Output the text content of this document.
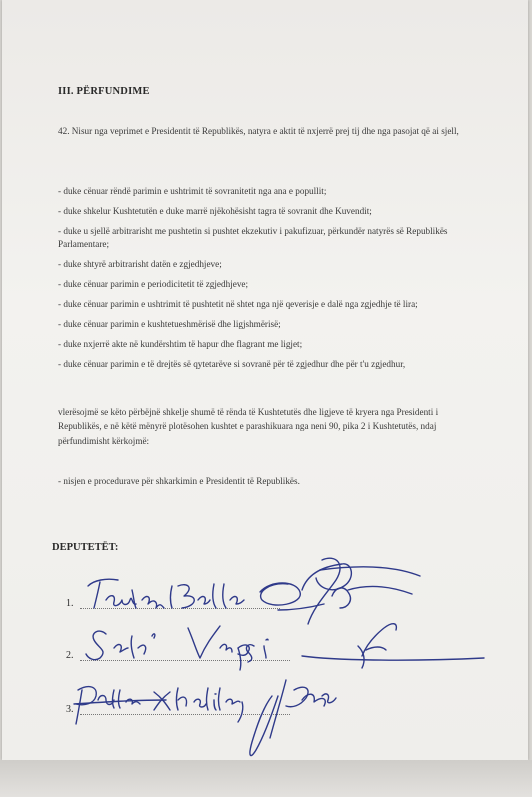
III. PËRFUNDIME
42. Nisur nga veprimet e Presidentit të Republikës, natyra e aktit të nxjerrë prej tij dhe nga pasojat që ai sjell,
- duke cënuar rëndë parimin e ushtrimit të sovranitetit nga ana e popullit;
- duke shkelur Kushtetutën e duke marrë njëkohësisht tagra të sovranit dhe Kuvendit;
- duke u sjellë arbitrarisht me pushtetin si pushtet ekzekutiv i pakufizuar, përkundër natyrës së Republikës Parlamentare;
- duke shtyrë arbitrarisht datën e zgjedhjeve;
- duke cënuar parimin e periodicitetit të zgjedhjeve;
- duke cënuar parimin e ushtrimit të pushtetit në shtet nga një qeverisje e dalë nga zgjedhje të lira;
- duke cënuar parimin e kushtetueshmërisë dhe ligjshmërisë;
- duke nxjerrë akte në kundërshtim të hapur dhe flagrant me ligjet;
- duke cënuar parimin e të drejtës së qytetarëve si sovranë për të zgjedhur dhe për t'u zgjedhur,
vlerësojmë se këto përbëjnë shkelje shumë të rënda të Kushtetutës dhe ligjeve të kryera nga Presidenti i Republikës, e në këtë mënyrë plotësohen kushtet e parashikuara nga neni 90, pika 2 i Kushtetutës, ndaj përfundimisht kërkojmë:
- nisjen e procedurave për shkarkimin e Presidentit të Republikës.
DEPUTETËT:
1.
2.
3.
